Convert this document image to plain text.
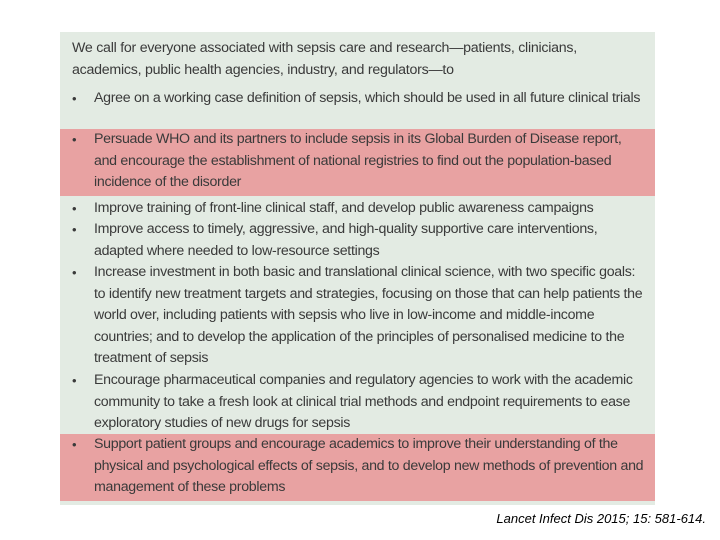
We call for everyone associated with sepsis care and research—patients, clinicians, academics, public health agencies, industry, and regulators—to
• Agree on a working case definition of sepsis, which should be used in all future clinical trials
• Persuade WHO and its partners to include sepsis in its Global Burden of Disease report, and encourage the establishment of national registries to find out the population-based incidence of the disorder
• Improve training of front-line clinical staff, and develop public awareness campaigns
• Improve access to timely, aggressive, and high-quality supportive care interventions, adapted where needed to low-resource settings
• Increase investment in both basic and translational clinical science, with two specific goals: to identify new treatment targets and strategies, focusing on those that can help patients the world over, including patients with sepsis who live in low-income and middle-income countries; and to develop the application of the principles of personalised medicine to the treatment of sepsis
• Encourage pharmaceutical companies and regulatory agencies to work with the academic community to take a fresh look at clinical trial methods and endpoint requirements to ease exploratory studies of new drugs for sepsis
• Support patient groups and encourage academics to improve their understanding of the physical and psychological effects of sepsis, and to develop new methods of prevention and management of these problems
Lancet Infect Dis 2015; 15: 581-614.
